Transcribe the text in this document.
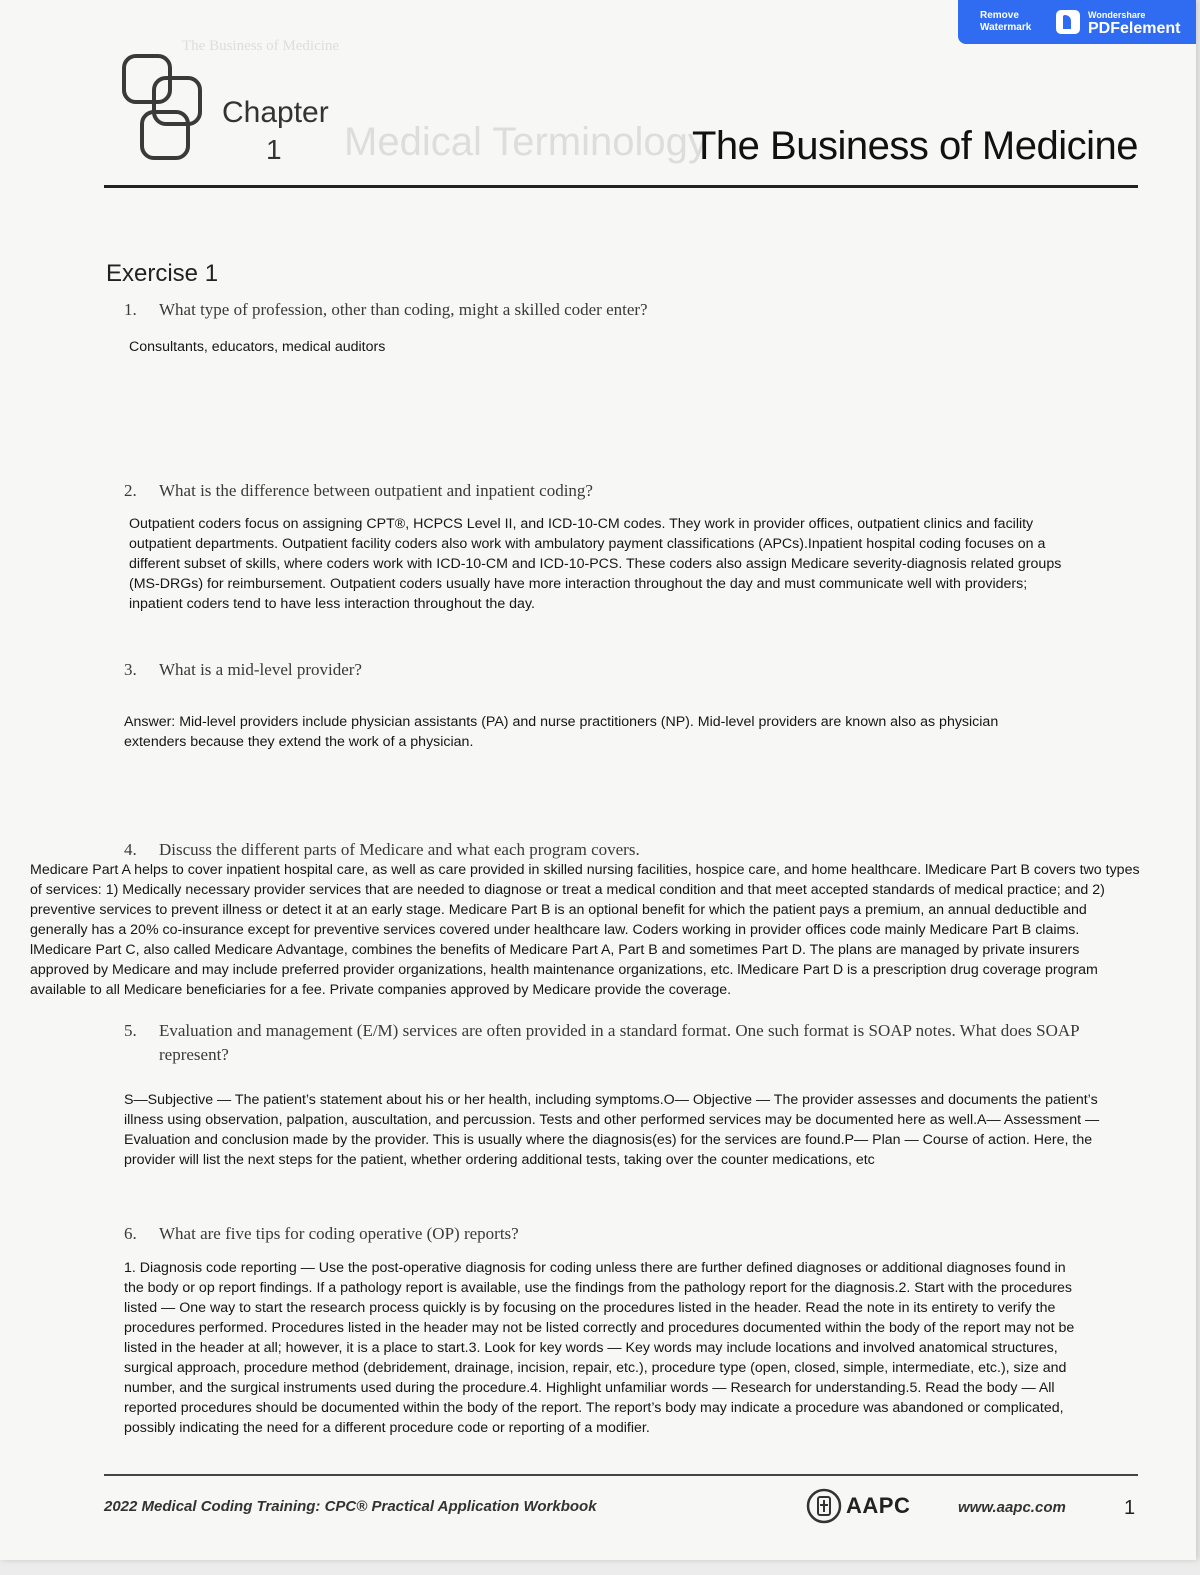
The Business of Medicine
Medical Terminology
Remove Watermark
Wondershare
PDFelement
Chapter
1	The Business of Medicine
Exercise 1
1.	What type of profession, other than coding, might a skilled coder enter?

Consultants, educators, medical auditors

2.	What is the difference between outpatient and inpatient coding?

Outpatient coders focus on assigning CPT®, HCPCS Level II, and ICD-10-CM codes. They work in provider offices, outpatient clinics and facility outpatient departments. Outpatient facility coders also work with ambulatory payment classifications (APCs).Inpatient hospital coding focuses on a different subset of skills, where coders work with ICD-10-CM and ICD-10-PCS. These coders also assign Medicare severity-diagnosis related groups (MS-DRGs) for reimbursement. Outpatient coders usually have more interaction throughout the day and must communicate well with providers; inpatient coders tend to have less interaction throughout the day.

3.	What is a mid-level provider?

Answer: Mid-level providers include physician assistants (PA) and nurse practitioners (NP). Mid-level providers are known also as physician extenders because they extend the work of a physician.

4.	Discuss the different parts of Medicare and what each program covers.

Medicare Part A helps to cover inpatient hospital care, as well as care provided in skilled nursing facilities, hospice care, and home healthcare. lMedicare Part B covers two types of services: 1) Medically necessary provider services that are needed to diagnose or treat a medical condition and that meet accepted standards of medical practice; and 2) preventive services to prevent illness or detect it at an early stage. Medicare Part B is an optional benefit for which the patient pays a premium, an annual deductible and generally has a 20% co-insurance except for preventive services covered under healthcare law. Coders working in provider offices code mainly Medicare Part B claims. lMedicare Part C, also called Medicare Advantage, combines the benefits of Medicare Part A, Part B and sometimes Part D. The plans are managed by private insurers approved by Medicare and may include preferred provider organizations, health maintenance organizations, etc. lMedicare Part D is a prescription drug coverage program available to all Medicare beneficiaries for a fee. Private companies approved by Medicare provide the coverage.

5.	Evaluation and management (E/M) services are often provided in a standard format. One such format is SOAP notes. What does SOAP represent?

S—Subjective — The patient’s statement about his or her health, including symptoms.O— Objective — The provider assesses and documents the patient’s illness using observation, palpation, auscultation, and percussion. Tests and other performed services may be documented here as well.A— Assessment — Evaluation and conclusion made by the provider. This is usually where the diagnosis(es) for the services are found.P— Plan — Course of action. Here, the provider will list the next steps for the patient, whether ordering additional tests, taking over the counter medications, etc

6.	What are five tips for coding operative (OP) reports?

1. Diagnosis code reporting — Use the post-operative diagnosis for coding unless there are further defined diagnoses or additional diagnoses found in the body or op report findings. If a pathology report is available, use the findings from the pathology report for the diagnosis.2. Start with the procedures listed — One way to start the research process quickly is by focusing on the procedures listed in the header. Read the note in its entirety to verify the procedures performed. Procedures listed in the header may not be listed correctly and procedures documented within the body of the report may not be listed in the header at all; however, it is a place to start.3. Look for key words — Key words may include locations and involved anatomical structures, surgical approach, procedure method (debridement, drainage, incision, repair, etc.), procedure type (open, closed, simple, intermediate, etc.), size and number, and the surgical instruments used during the procedure.4. Highlight unfamiliar words — Research for understanding.5. Read the body — All reported procedures should be documented within the body of the report. The report’s body may indicate a procedure was abandoned or complicated, possibly indicating the need for a different procedure code or reporting of a modifier.

2022 Medical Coding Training: CPC® Practical Application Workbook	AAPC	www.aapc.com	1
